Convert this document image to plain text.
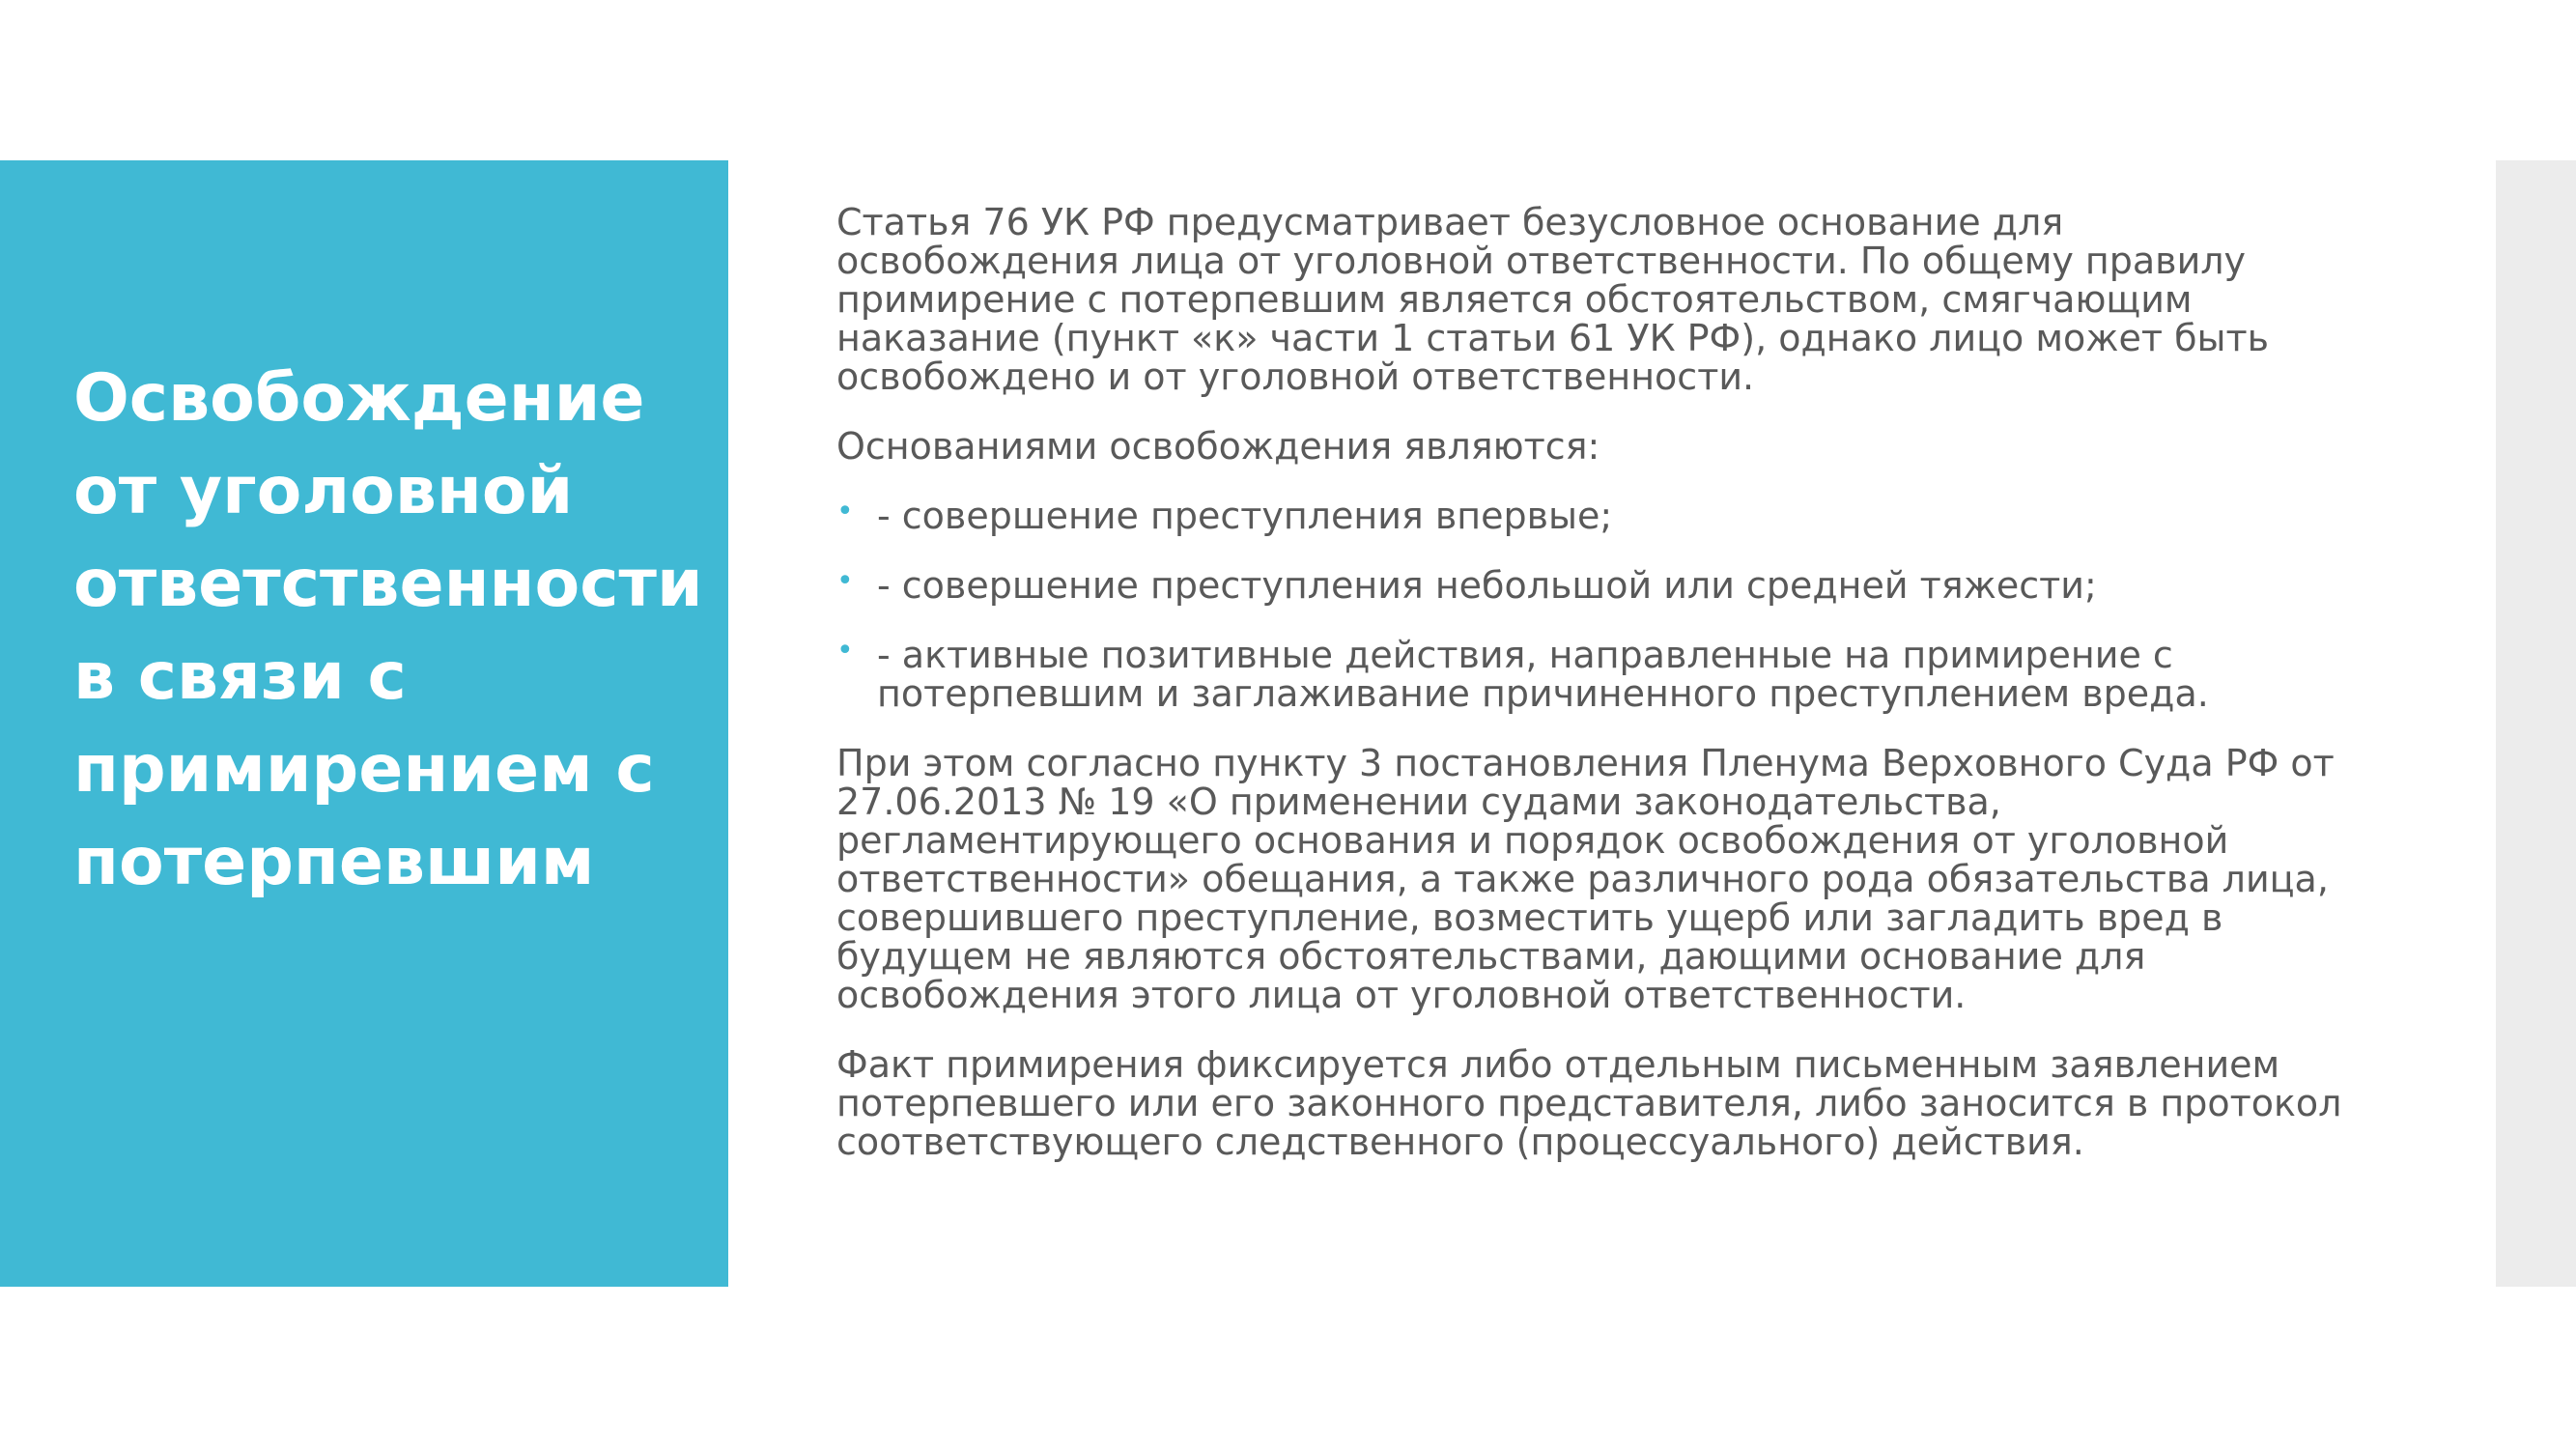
Освобождение
от уголовной
ответственности
в связи с
примирением с
потерпевшим

Статья 76 УК РФ предусматривает безусловное основание для освобождения лица от уголовной ответственности. По общему правилу примирение с потерпевшим является обстоятельством, смягчающим наказание (пункт «к» части 1 статьи 61 УК РФ), однако лицо может быть освобождено и от уголовной ответственности.

Основаниями освобождения являются:

• - совершение преступления впервые;
• - совершение преступления небольшой или средней тяжести;
• - активные позитивные действия, направленные на примирение с потерпевшим и заглаживание причиненного преступлением вреда.

При этом согласно пункту 3 постановления Пленума Верховного Суда РФ от 27.06.2013 № 19 «О применении судами законодательства, регламентирующего основания и порядок освобождения от уголовной ответственности» обещания, а также различного рода обязательства лица, совершившего преступление, возместить ущерб или загладить вред в будущем не являются обстоятельствами, дающими основание для освобождения этого лица от уголовной ответственности.

Факт примирения фиксируется либо отдельным письменным заявлением потерпевшего или его законного представителя, либо заносится в протокол соответствующего следственного (процессуального) действия.
